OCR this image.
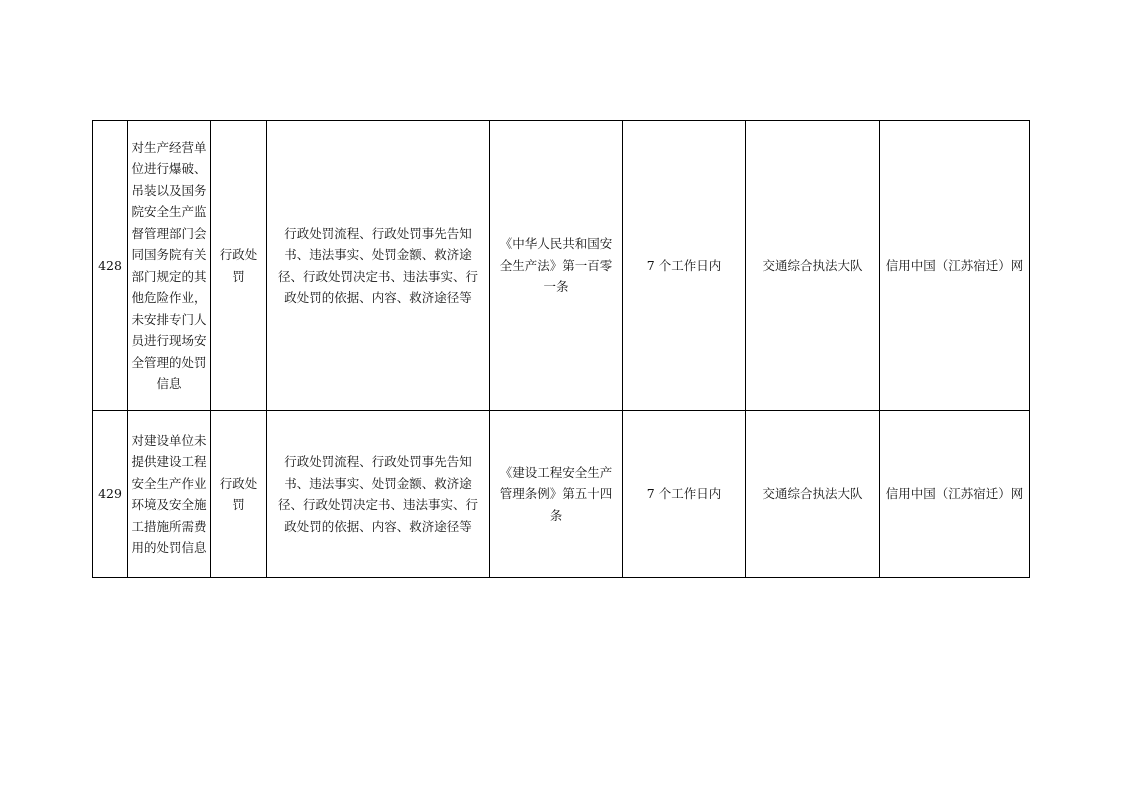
428	对生产经营单位进行爆破、吊装以及国务院安全生产监督管理部门会同国务院有关部门规定的其他危险作业，未安排专门人员进行现场安全管理的处罚信息	行政处罚	行政处罚流程、行政处罚事先告知书、违法事实、处罚金额、救济途径、行政处罚决定书、违法事实、行政处罚的依据、内容、救济途径等	《中华人民共和国安全生产法》第一百零一条	7 个工作日内	交通综合执法大队	信用中国（江苏宿迁）网
429	对建设单位未提供建设工程安全生产作业环境及安全施工措施所需费用的处罚信息	行政处罚	行政处罚流程、行政处罚事先告知书、违法事实、处罚金额、救济途径、行政处罚决定书、违法事实、行政处罚的依据、内容、救济途径等	《建设工程安全生产管理条例》第五十四条	7 个工作日内	交通综合执法大队	信用中国（江苏宿迁）网
